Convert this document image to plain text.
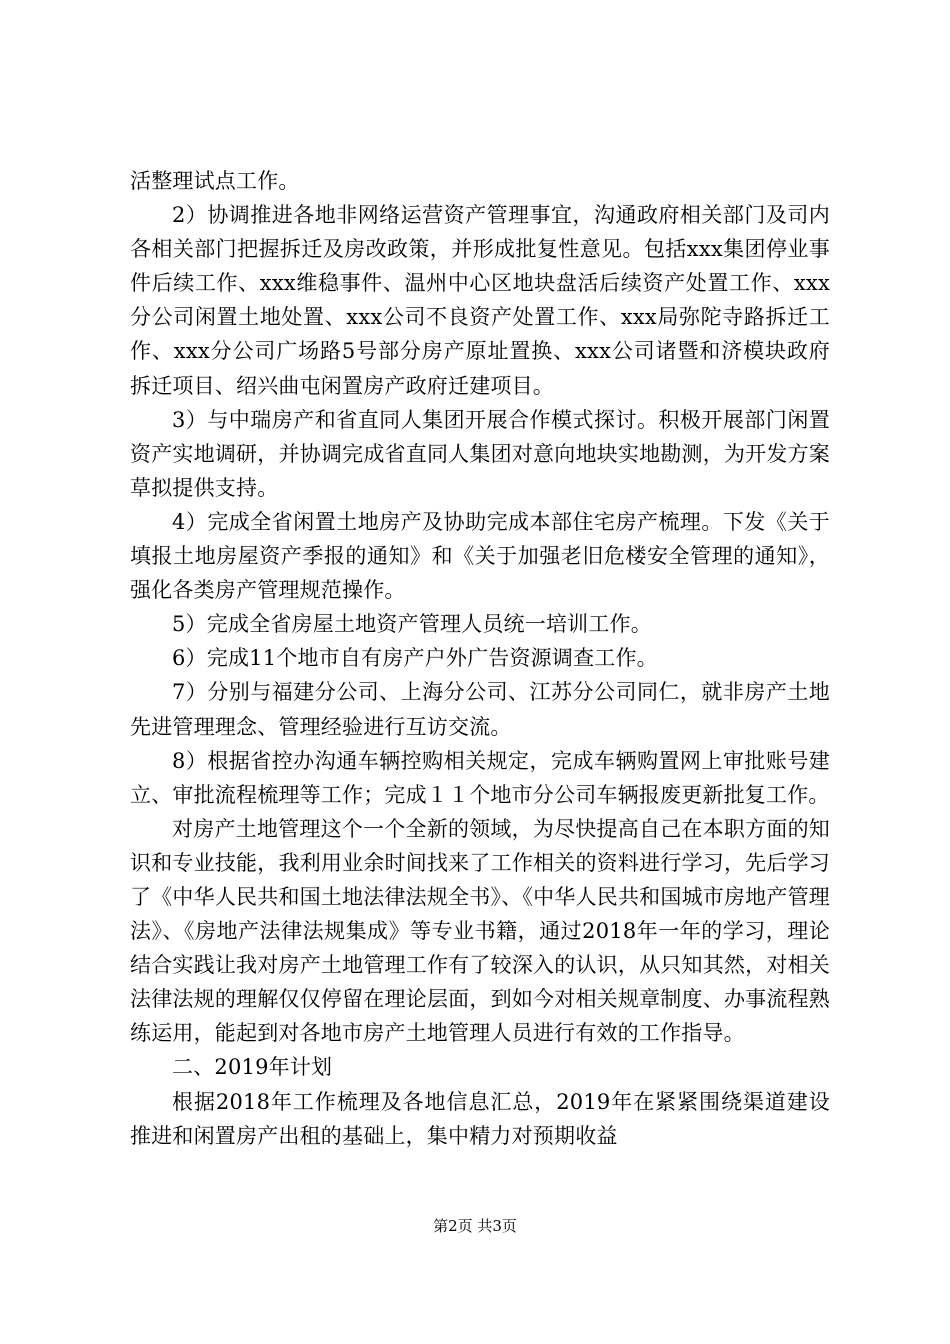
活整理试点工作。

2）协调推进各地非网络运营资产管理事宜，沟通政府相关部门及司内各相关部门把握拆迁及房改政策，并形成批复性意见。包括xxx集团停业事件后续工作、xxx维稳事件、温州中心区地块盘活后续资产处置工作、xxx分公司闲置土地处置、xxx公司不良资产处置工作、xxx局弥陀寺路拆迁工作、xxx分公司广场路5号部分房产原址置换、xxx公司诸暨和济模块政府拆迁项目、绍兴曲屯闲置房产政府迁建项目。

3）与中瑞房产和省直同人集团开展合作模式探讨。积极开展部门闲置资产实地调研，并协调完成省直同人集团对意向地块实地勘测，为开发方案草拟提供支持。

4）完成全省闲置土地房产及协助完成本部住宅房产梳理。下发《关于填报土地房屋资产季报的通知》和《关于加强老旧危楼安全管理的通知》，强化各类房产管理规范操作。

5）完成全省房屋土地资产管理人员统一培训工作。

6）完成11个地市自有房产户外广告资源调查工作。

7）分别与福建分公司、上海分公司、江苏分公司同仁，就非房产土地先进管理理念、管理经验进行互访交流。

8）根据省控办沟通车辆控购相关规定，完成车辆购置网上审批账号建立、审批流程梳理等工作；完成１１个地市分公司车辆报废更新批复工作。

对房产土地管理这个一个全新的领域，为尽快提高自己在本职方面的知识和专业技能，我利用业余时间找来了工作相关的资料进行学习，先后学习了《中华人民共和国土地法律法规全书》、《中华人民共和国城市房地产管理法》、《房地产法律法规集成》等专业书籍，通过2018年一年的学习，理论结合实践让我对房产土地管理工作有了较深入的认识，从只知其然，对相关法律法规的理解仅仅停留在理论层面，到如今对相关规章制度、办事流程熟练运用，能起到对各地市房产土地管理人员进行有效的工作指导。

二、2019年计划

根据2018年工作梳理及各地信息汇总，2019年在紧紧围绕渠道建设推进和闲置房产出租的基础上，集中精力对预期收益

第2页 共3页
